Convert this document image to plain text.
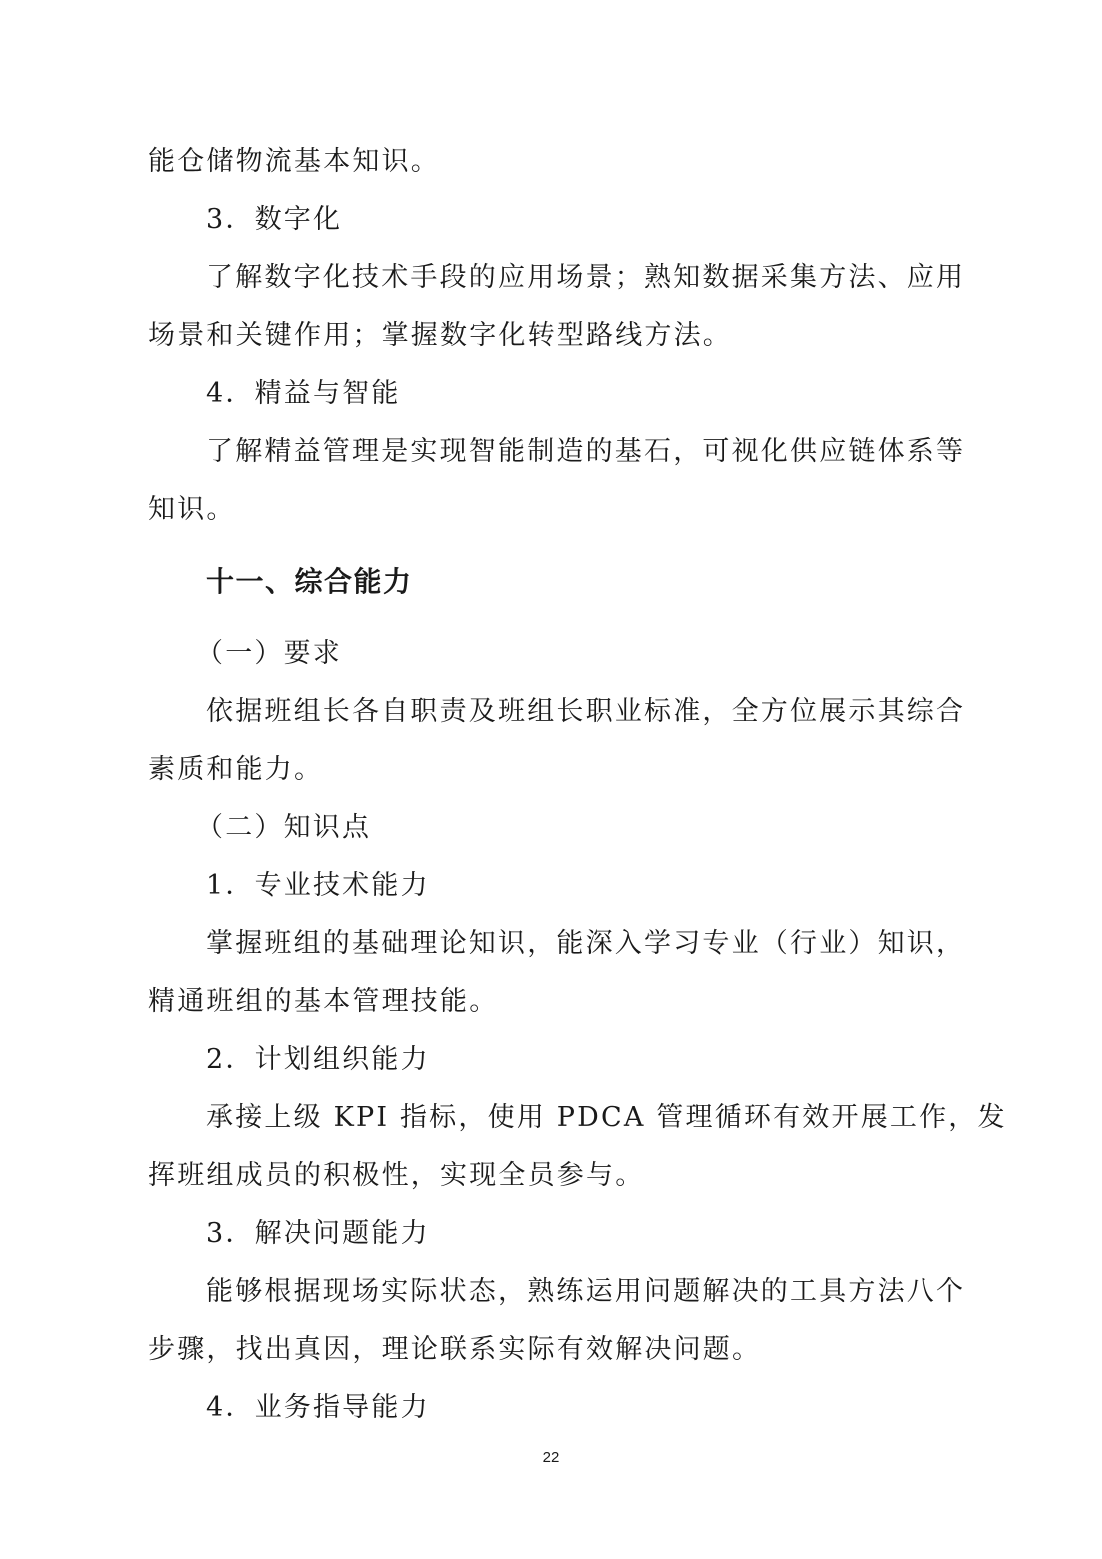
能仓储物流基本知识。

3．数字化

了解数字化技术手段的应用场景；熟知数据采集方法、应用

场景和关键作用；掌握数字化转型路线方法。

4．精益与智能

了解精益管理是实现智能制造的基石，可视化供应链体系等

知识。

十一、综合能力

（一）要求

依据班组长各自职责及班组长职业标准，全方位展示其综合

素质和能力。

（二）知识点

1．专业技术能力

掌握班组的基础理论知识，能深入学习专业（行业）知识，

精通班组的基本管理技能。

2．计划组织能力

承接上级 KPI 指标，使用 PDCA 管理循环有效开展工作，发

挥班组成员的积极性，实现全员参与。

3．解决问题能力

能够根据现场实际状态，熟练运用问题解决的工具方法八个

步骤，找出真因，理论联系实际有效解决问题。

4．业务指导能力

22
